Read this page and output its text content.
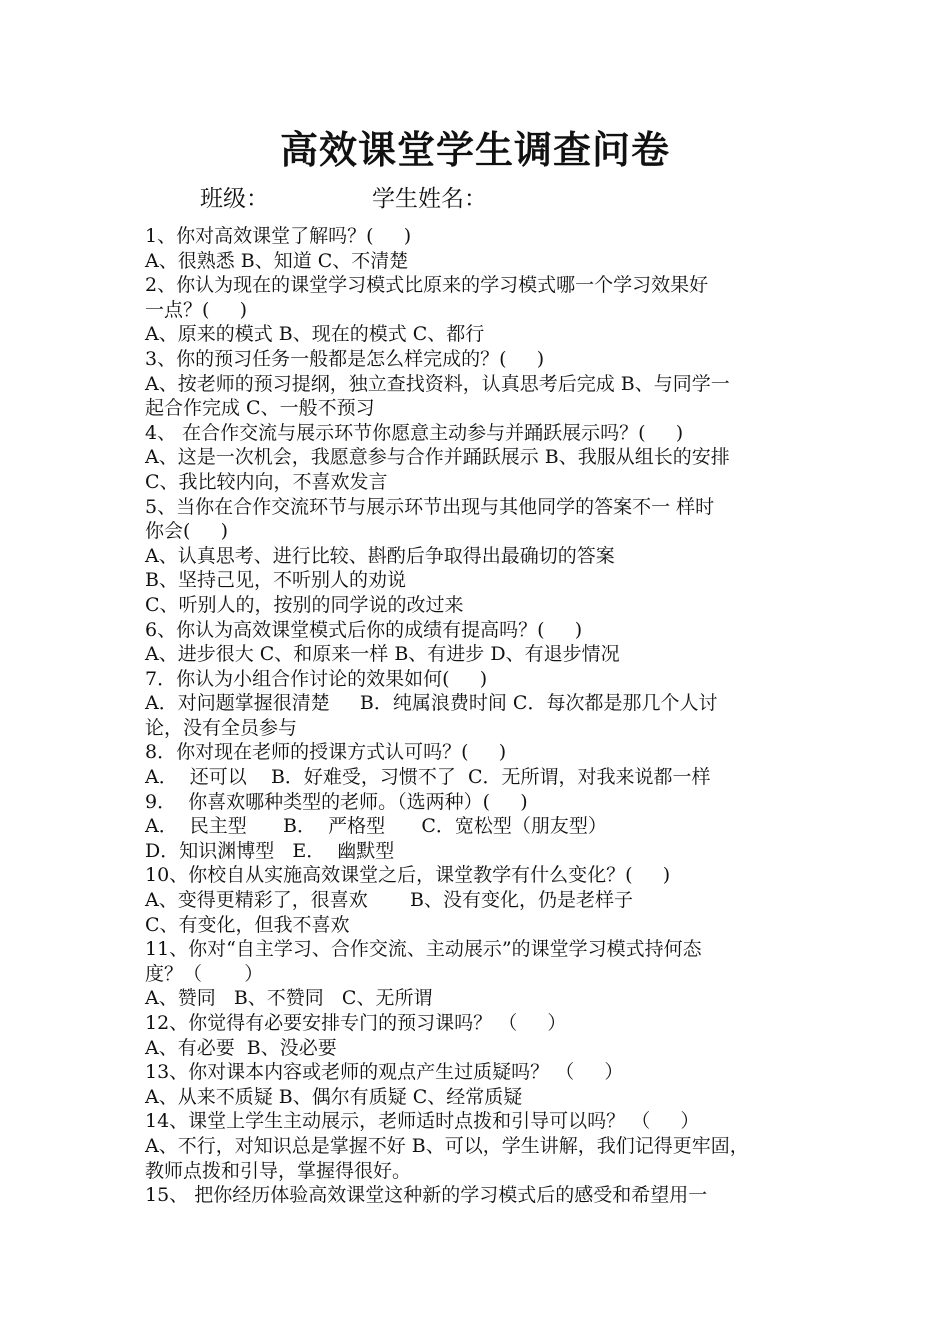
高效课堂学生调查问卷
班级：	学生姓名：
1、你对高效课堂了解吗？(     )
A、很熟悉 B、知道 C、不清楚
2、你认为现在的课堂学习模式比原来的学习模式哪一个学习效果好
一点？(     )
A、原来的模式 B、现在的模式 C、都行
3、你的预习任务一般都是怎么样完成的？(     )
A、按老师的预习提纲，独立查找资料，认真思考后完成 B、与同学一
起合作完成 C、一般不预习
4、 在合作交流与展示环节你愿意主动参与并踊跃展示吗？(     )
A、这是一次机会，我愿意参与合作并踊跃展示 B、我服从组长的安排
C、我比较内向，不喜欢发言
5、当你在合作交流环节与展示环节出现与其他同学的答案不一 样时
你会(     )
A、认真思考、进行比较、斟酌后争取得出最确切的答案
B、坚持己见，不听别人的劝说
C、听别人的，按别的同学说的改过来
6、你认为高效课堂模式后你的成绩有提高吗？(     )
A、进步很大 C、和原来一样 B、有进步 D、有退步情况
7．你认为小组合作讨论的效果如何(     )
A．对问题掌握很清楚     B．纯属浪费时间 C．每次都是那几个人讨
论，没有全员参与
8．你对现在老师的授课方式认可吗？(     )
A．  还可以    B．好难受，习惯不了  C．无所谓，对我来说都一样
9．  你喜欢哪种类型的老师。（选两种）(     )
A．  民主型      B．  严格型      C．宽松型（朋友型）
D．知识渊博型   E．  幽默型
10、你校自从实施高效课堂之后，课堂教学有什么变化？(     )
A、变得更精彩了，很喜欢       B、没有变化，仍是老样子
C、有变化，但我不喜欢
11、你对“自主学习、合作交流、主动展示”的课堂学习模式持何态
度？（       ）
A、赞同   B、不赞同   C、无所谓
12、你觉得有必要安排专门的预习课吗？ （     ）
A、有必要  B、没必要
13、你对课本内容或老师的观点产生过质疑吗？ （     ）
A、从来不质疑 B、偶尔有质疑 C、经常质疑
14、课堂上学生主动展示，老师适时点拨和引导可以吗？ （     ）
A、不行，对知识总是掌握不好 B、可以，学生讲解，我们记得更牢固，
教师点拨和引导，掌握得很好。
15、 把你经历体验高效课堂这种新的学习模式后的感受和希望用一
